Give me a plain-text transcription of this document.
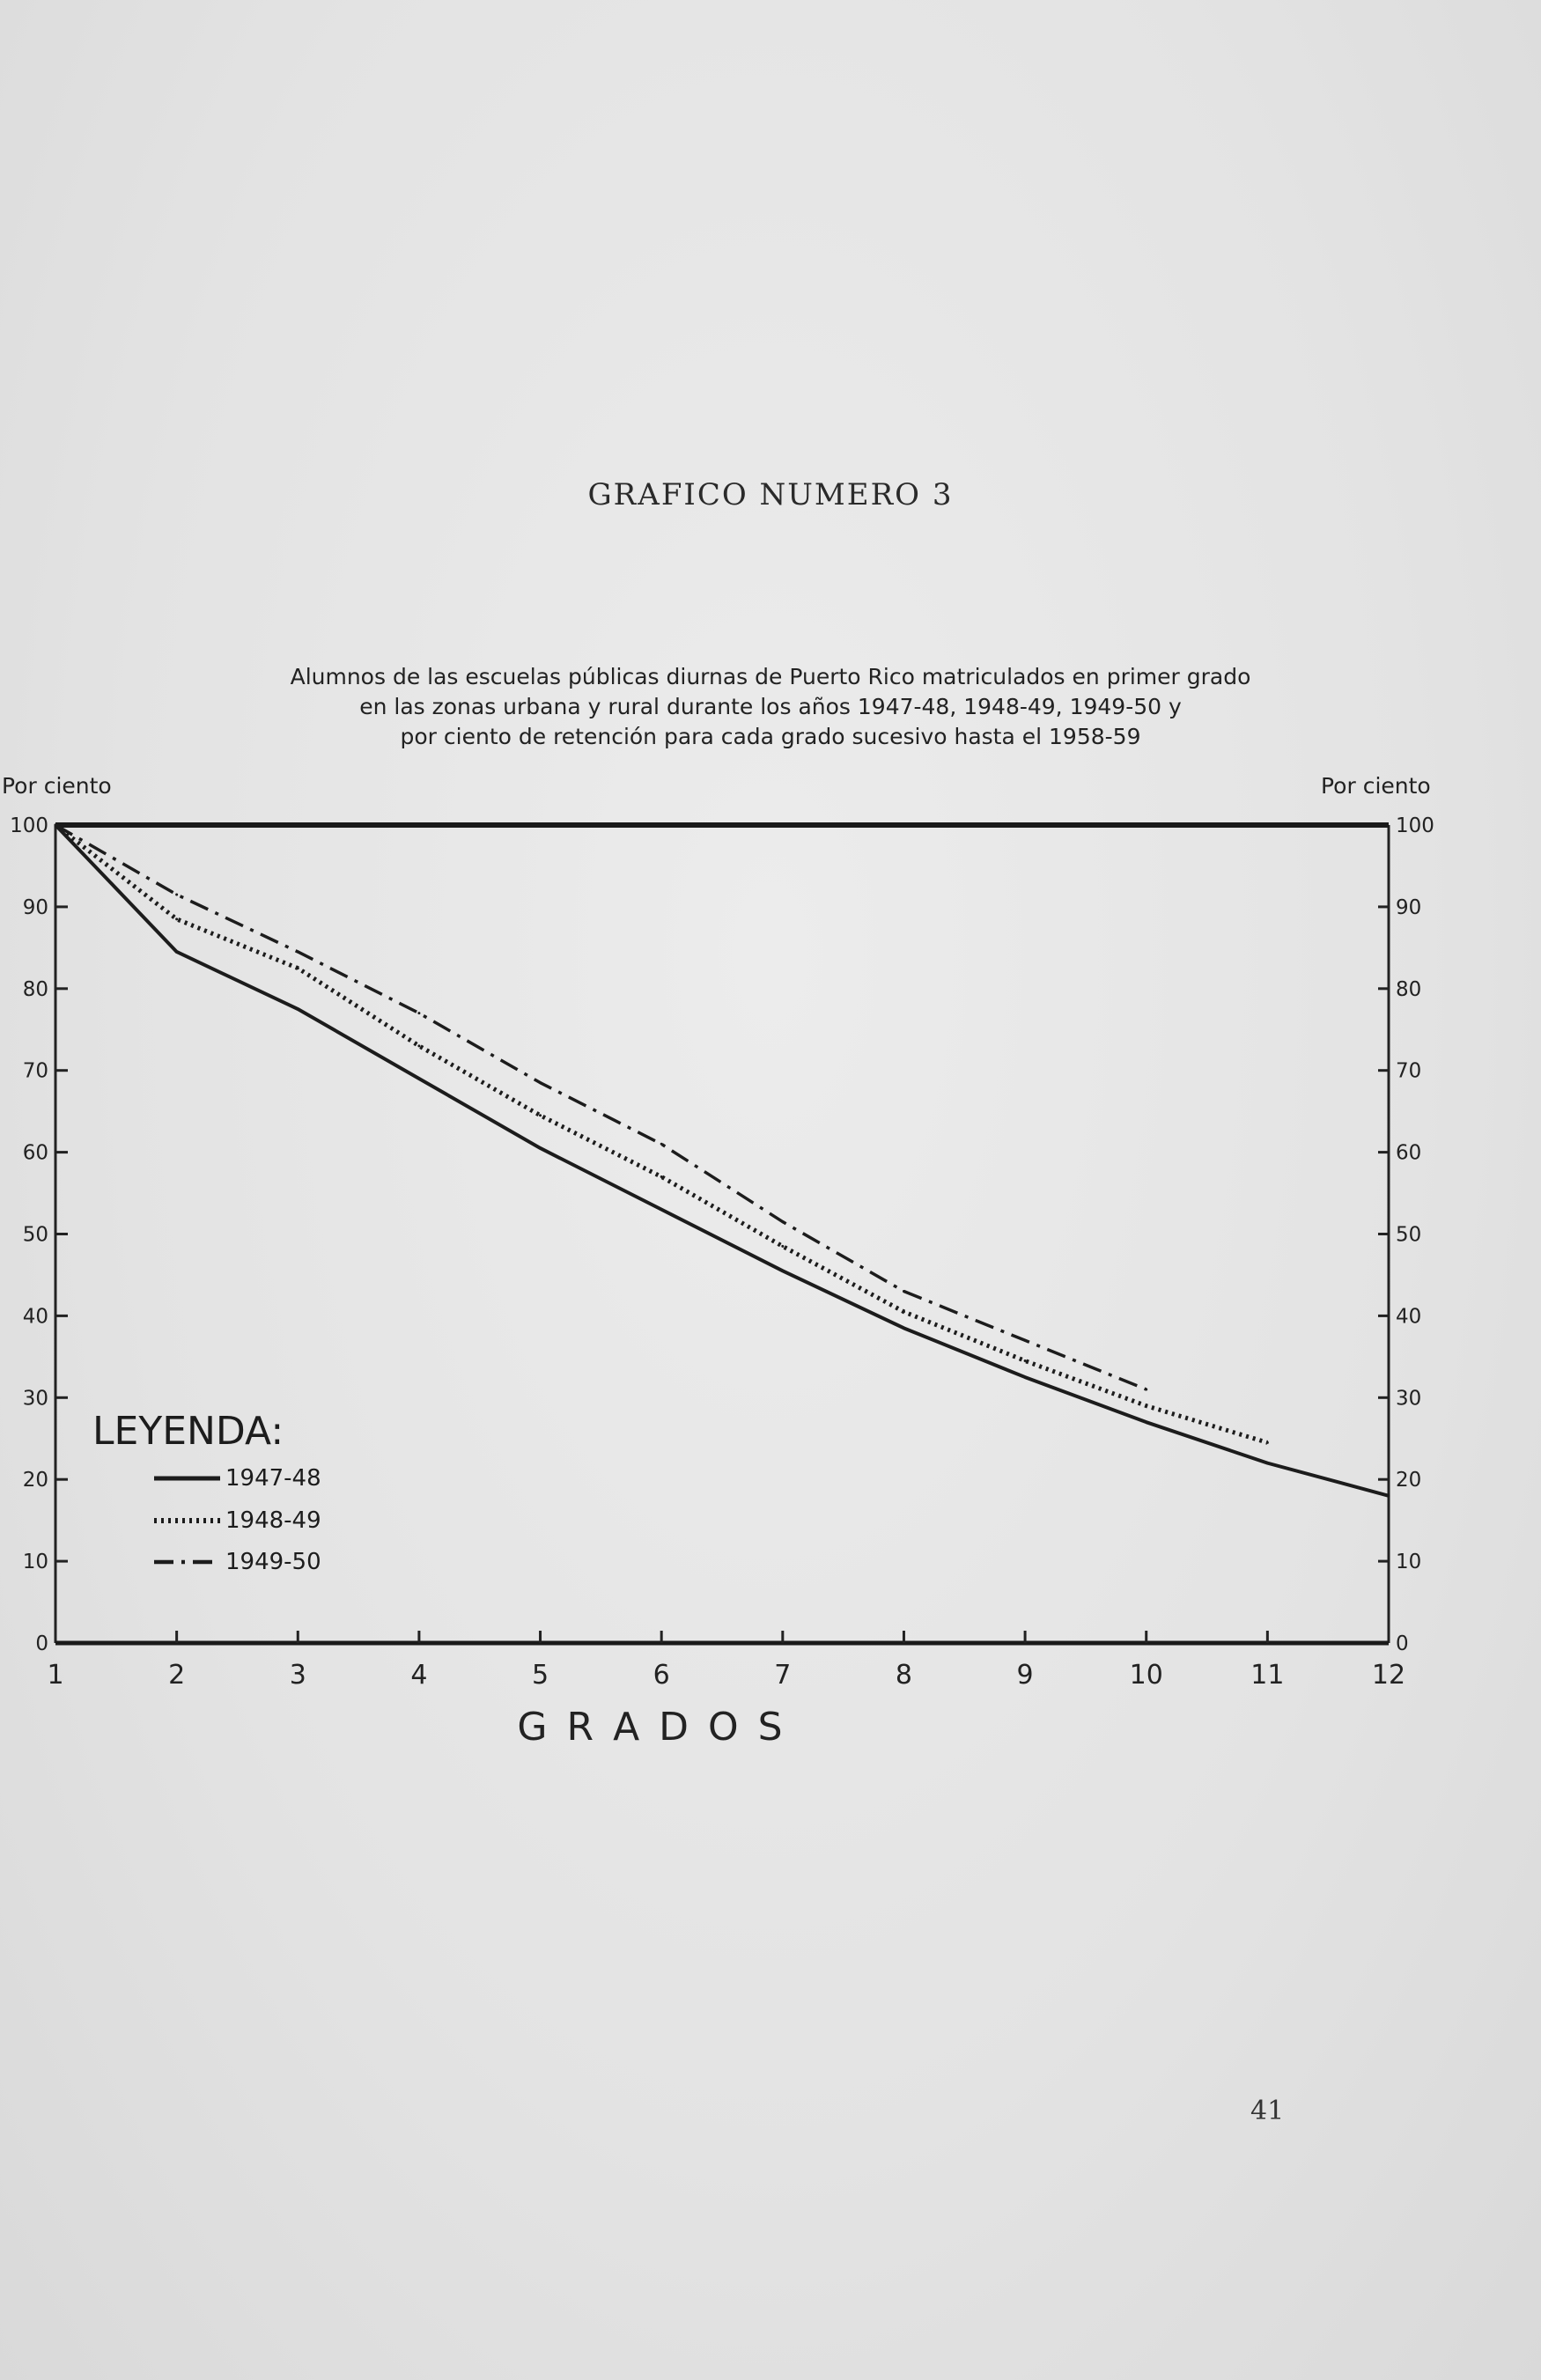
GRAFICO NUMERO 3
Alumnos de las escuelas públicas diurnas de Puerto Rico matriculados en primer grado
en las zonas urbana y rural durante los años 1947-48, 1948-49, 1949-50 y
por ciento de retención para cada grado sucesivo hasta el 1958-59
Por ciento	Por ciento
0	0
10	10
20	20
30	30
40	40
50	50
60	60
70	70
80	80
90	90
100	100
1	2	3	4	5	6	7	8	9	10	11	12
LEYENDA:
1947-48
1948-49
1949-50
G R A D O S
41
